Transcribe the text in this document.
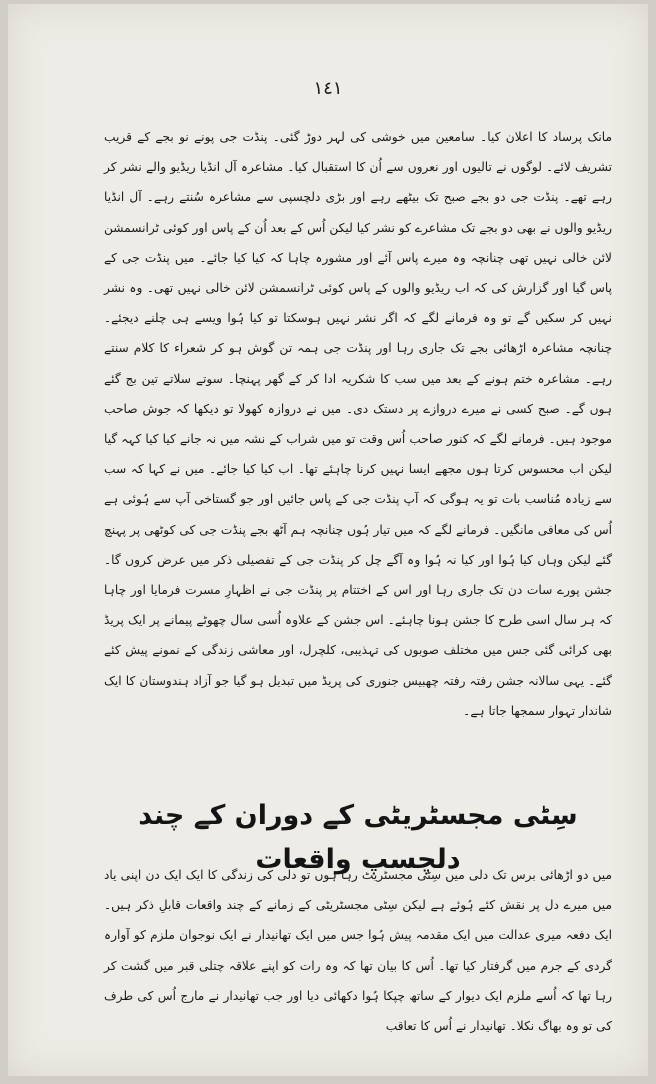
١٤١
مانک پرساد کا اعلان کیا۔ سامعین میں خوشی کی لہر دوڑ گئی۔ پنڈت جی پونے نو بجے کے قریب تشریف لائے۔ لوگوں نے تالیوں اور نعروں سے اُن کا استقبال کیا۔ مشاعرہ آل انڈیا ریڈیو والے نشر کر رہے تھے۔ پنڈت جی دو بجے صبح تک بیٹھے رہے اور بڑی دلچسپی سے مشاعرہ سُنتے رہے۔ آل انڈیا ریڈیو والوں نے بھی دو بجے تک مشاعرے کو نشر کیا لیکن اُس کے بعد اُن کے پاس اور کوئی ٹرانسمشن لائن خالی نہیں تھی چنانچہ وہ میرے پاس آئے اور مشورہ چاہا کہ کیا کیا جائے۔ میں پنڈت جی کے پاس گیا اور گزارش کی کہ اب ریڈیو والوں کے پاس کوئی ٹرانسمشن لائن خالی نہیں تھی۔ وہ نشر نہیں کر سکیں گے تو وہ فرمانے لگے کہ اگر نشر نہیں ہوسکتا تو کیا ہُوا ویسے ہی چلنے دیجئے۔ چنانچہ مشاعرہ اڑھائی بجے تک جاری رہا اور پنڈت جی ہمہ تن گوش ہو کر شعراء کا کلام سنتے رہے۔ مشاعرہ ختم ہونے کے بعد میں سب کا شکریہ ادا کر کے گھر پہنچا۔ سوتے سلاتے تین بج گئے ہوں گے۔ صبح کسی نے میرے دروازے پر دستک دی۔ میں نے دروازہ کھولا تو دیکھا کہ جوش صاحب موجود ہیں۔ فرمانے لگے کہ کنور صاحب اُس وقت تو میں شراب کے نشہ میں نہ جانے کیا کیا کہہ گیا لیکن اب محسوس کرتا ہوں مجھے ایسا نہیں کرنا چاہئے تھا۔ اب کیا کیا جائے۔ میں نے کہا کہ سب سے زیادہ مُناسب بات تو یہ ہوگی کہ آپ پنڈت جی کے پاس جائیں اور جو گستاخی آپ سے ہُوئی ہے اُس کی معافی مانگیں۔ فرمانے لگے کہ میں تیار ہُوں چنانچہ ہم آٹھ بجے پنڈت جی کی کوٹھی پر پہنچ گئے لیکن وہاں کیا ہُوا اور کیا نہ ہُوا وہ آگے چل کر پنڈت جی کے تفصیلی ذکر میں عرض کروں گا۔ جشن پورے سات دن تک جاری رہا اور اس کے اختتام پر پنڈت جی نے اظہارِ مسرت فرمایا اور چاہا کہ ہر سال اسی طرح کا جشن ہونا چاہئے۔ اس جشن کے علاوہ اُسی سال چھوٹے پیمانے پر ایک پریڈ بھی کرائی گئی جس میں مختلف صوبوں کی تہذیبی، کلچرل، اور معاشی زندگی کے نمونے پیش کئے گئے۔ یہی سالانہ جشن رفتہ رفتہ چھبیس جنوری کی پریڈ میں تبدیل ہو گیا جو آزاد ہندوستان کا ایک شاندار تہوار سمجھا جاتا ہے۔
سِٹی مجسٹریٹی کے دوران کے چند دلچسپ واقعات
میں دو اڑھائی برس تک دلی میں سِٹی مجسٹریٹ رہا ہوں تو دلی کی زندگی کا ایک ایک دن اپنی یاد میں میرے دل پر نقش کئے ہُوئے ہے لیکن سِٹی مجسٹریٹی کے زمانے کے چند واقعات قابلِ ذکر ہیں۔ ایک دفعہ میری عدالت میں ایک مقدمہ پیش ہُوا جس میں ایک تھانیدار نے ایک نوجوان ملزم کو آوارہ گردی کے جرم میں گرفتار کیا تھا۔ اُس کا بیان تھا کہ وہ رات کو اپنے علاقہ چتلی قبر میں گشت کر رہا تھا کہ اُسے ملزم ایک دیوار کے ساتھ چپکا ہُوا دکھائی دیا اور جب تھانیدار نے مارج اُس کی طرف کی تو وہ بھاگ نکلا۔ تھانیدار نے اُس کا تعاقب
